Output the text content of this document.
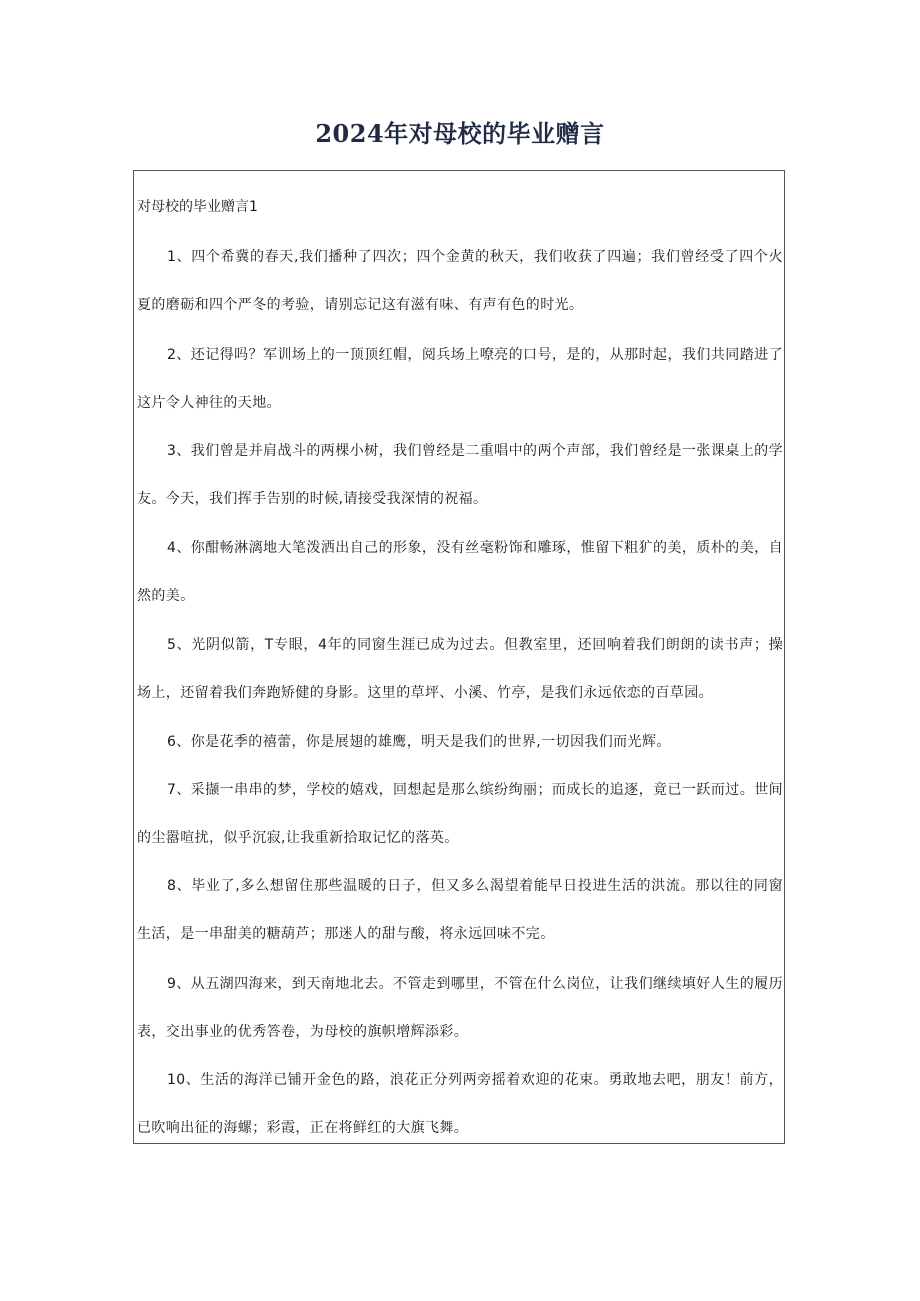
2024年对母校的毕业赠言
对母校的毕业赠言1

1、四个希冀的春天,我们播种了四次；四个金黄的秋天，我们收获了四遍；我们曾经受了四个火夏的磨砺和四个严冬的考验，请别忘记这有滋有味、有声有色的时光。

2、还记得吗？军训场上的一顶顶红帽，阅兵场上嘹亮的口号，是的，从那时起，我们共同踏进了这片令人神往的天地。

3、我们曾是并肩战斗的两棵小树，我们曾经是二重唱中的两个声部，我们曾经是一张课桌上的学友。今天，我们挥手告别的时候,请接受我深情的祝福。

4、你酣畅淋漓地大笔泼洒出自己的形象，没有丝毫粉饰和雕琢，惟留下粗犷的美，质朴的美，自然的美。

5、光阴似箭，T专眼，4年的同窗生涯已成为过去。但教室里，还回响着我们朗朗的读书声；操场上，还留着我们奔跑矫健的身影。这里的草坪、小溪、竹亭，是我们永远依恋的百草园。

6、你是花季的禧蕾，你是展翅的雄鹰，明天是我们的世界,一切因我们而光辉。

7、采撷一串串的梦，学校的嬉戏，回想起是那么缤纷绚丽；而成长的追逐，竟已一跃而过。世间的尘嚣喧扰，似乎沉寂,让我重新拾取记忆的落英。

8、毕业了,多么想留住那些温暖的日子，但又多么渴望着能早日投进生活的洪流。那以往的同窗生活，是一串甜美的糖葫芦；那迷人的甜与酸，将永远回味不完。

9、从五湖四海来，到天南地北去。不管走到哪里，不管在什么岗位，让我们继续填好人生的履历表，交出事业的优秀答卷，为母校的旗帜增辉添彩。

10、生活的海洋已铺开金色的路，浪花正分列两旁摇着欢迎的花束。勇敢地去吧，朋友！前方，已吹响出征的海螺；彩霞，正在将鲜红的大旗飞舞。
